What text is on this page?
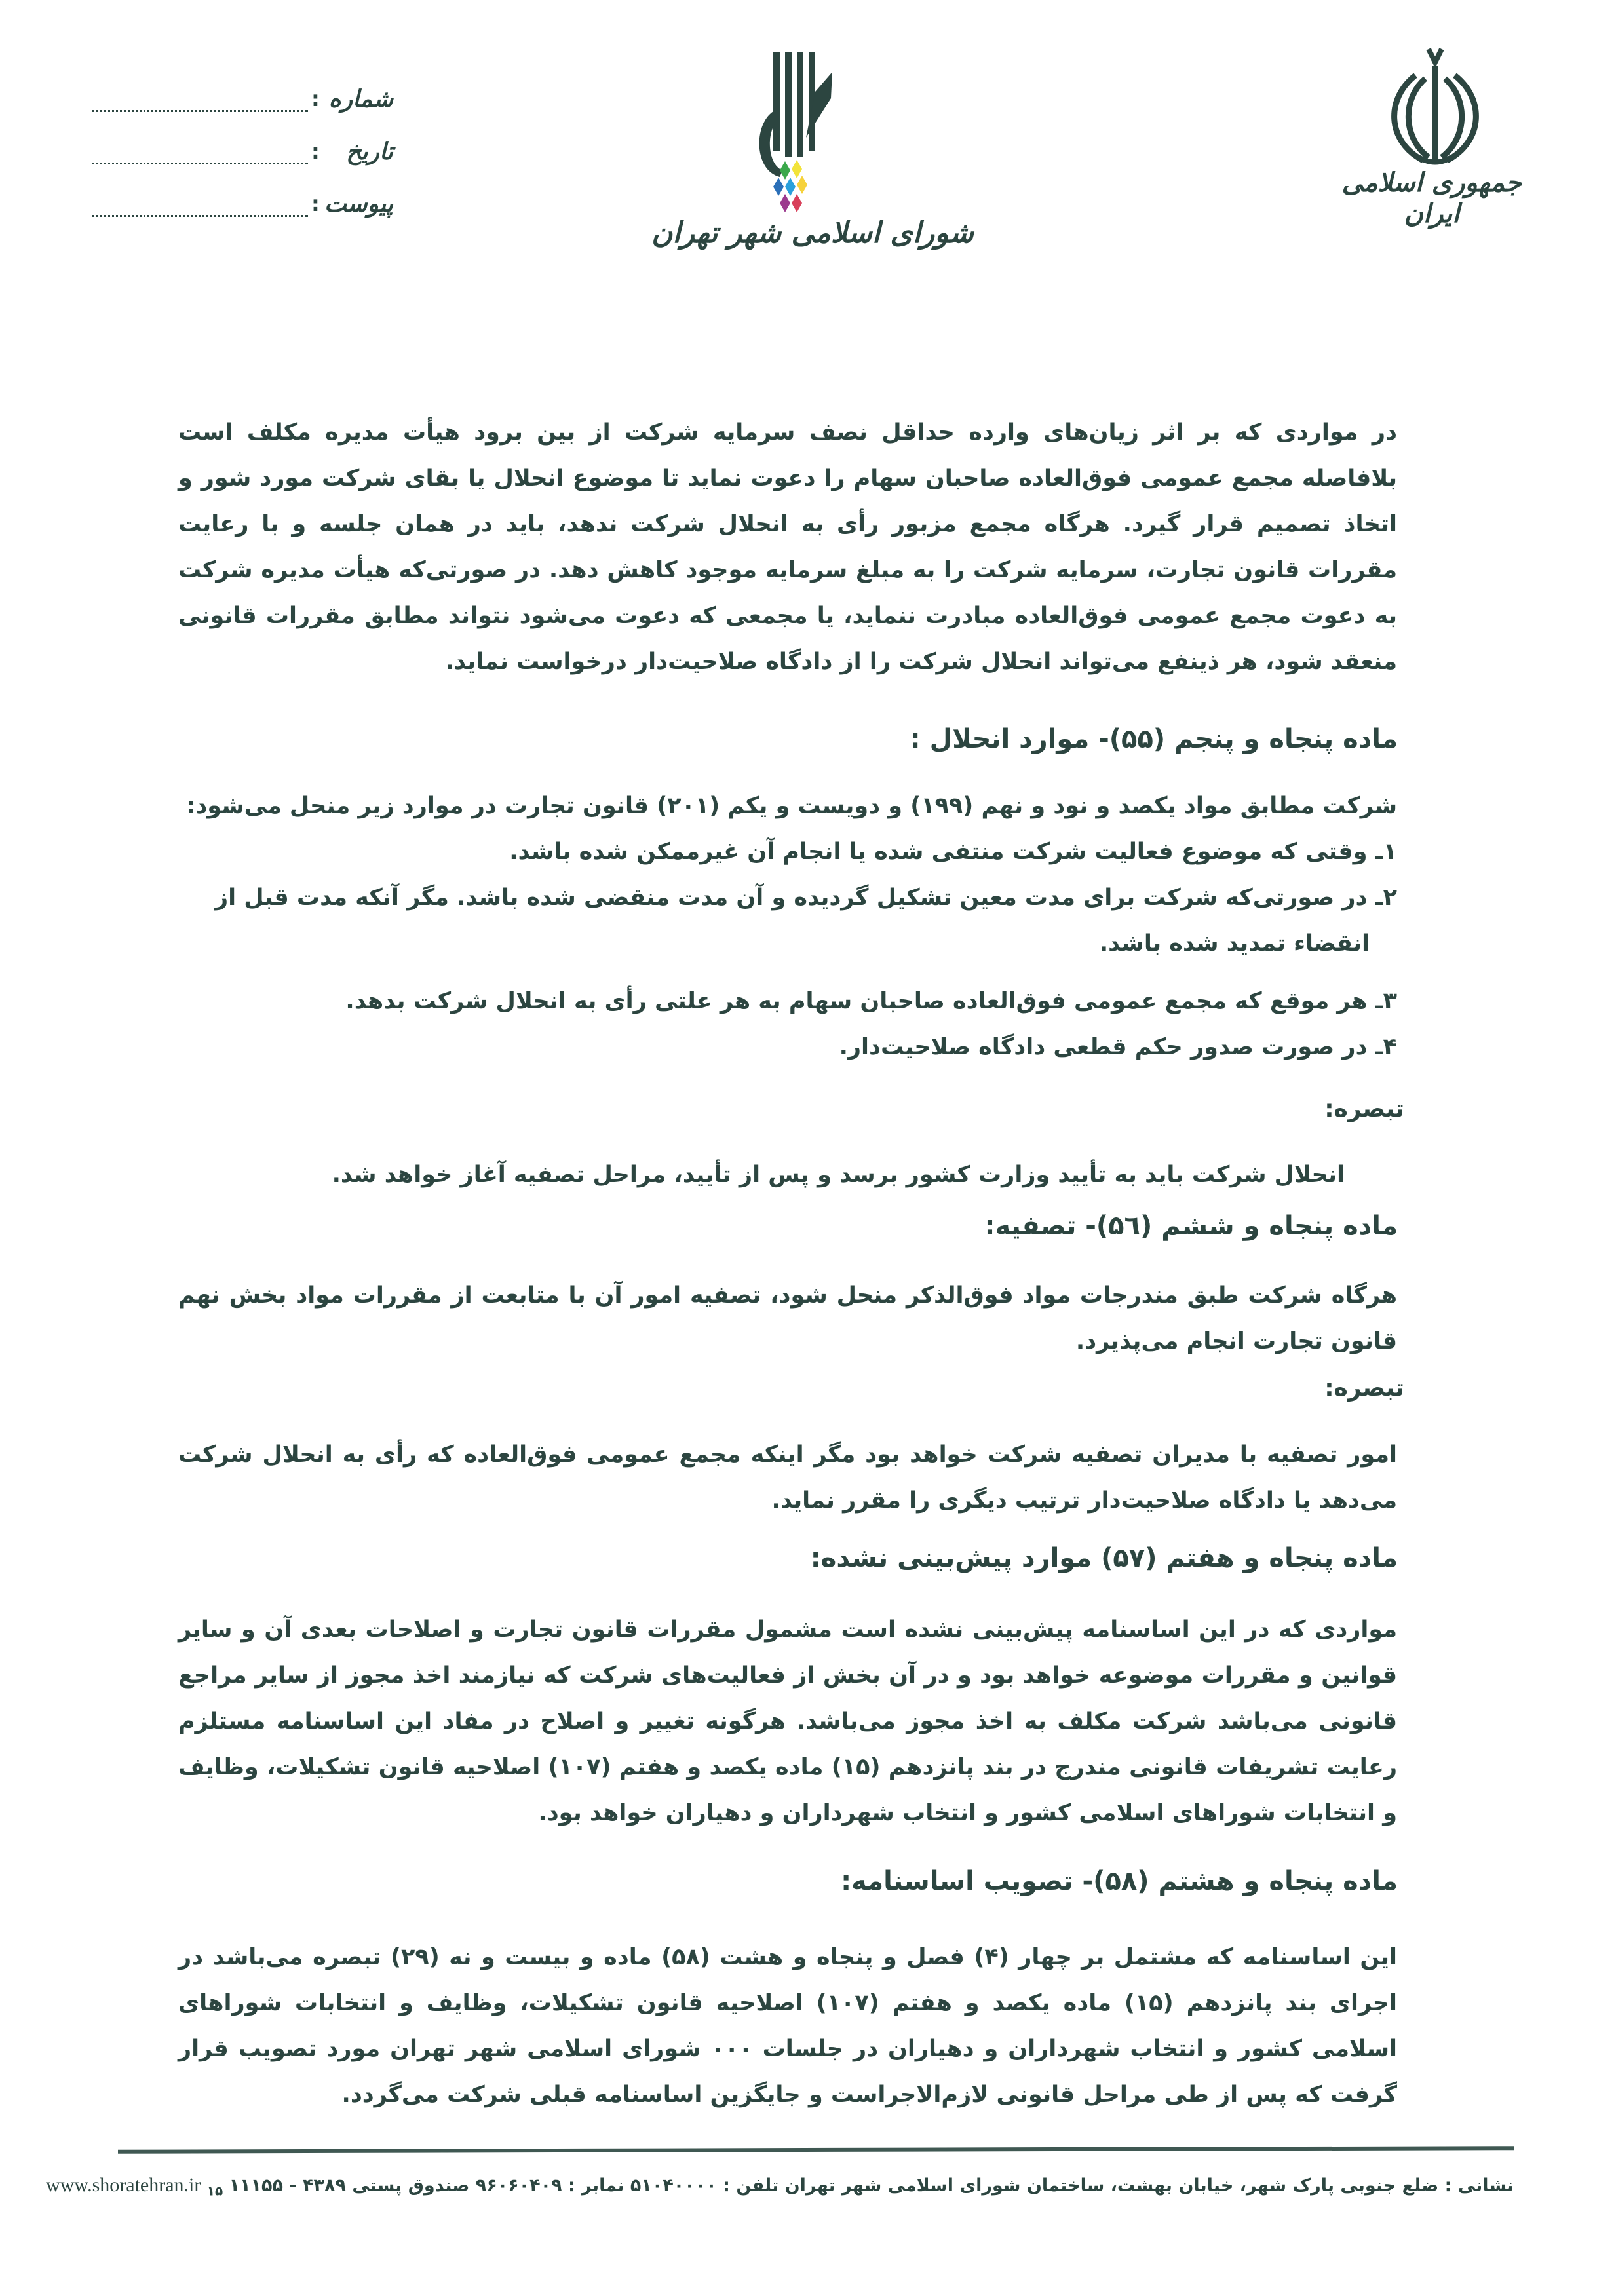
جمهوری اسلامی ایران
شورای اسلامی شهر تهران
شماره
:
تاریخ
:
پیوست
:
در مواردی که بر اثر زیان‌های وارده حداقل نصف سرمایه شرکت از بین برود هیأت مدیره مکلف است بلافاصله مجمع عمومی فوق‌العاده صاحبان سهام را دعوت نماید تا موضوع انحلال یا بقای شرکت مورد شور و اتخاذ تصمیم قرار گیرد. هرگاه مجمع مزبور رأی به انحلال شرکت ندهد، باید در همان جلسه و با رعایت مقررات قانون تجارت، سرمایه شرکت را به مبلغ سرمایه موجود کاهش دهد. در صورتی‌که هیأت مدیره شرکت به دعوت مجمع عمومی فوق‌العاده مبادرت ننماید، یا مجمعی که دعوت می‌شود نتواند مطابق مقررات قانونی منعقد شود، هر ذینفع می‌تواند انحلال شرکت را از دادگاه صلاحیت‌دار درخواست نماید.
ماده پنجاه و پنجم (۵۵)- موارد انحلال :
شرکت مطابق مواد یکصد و نود و نهم (۱۹۹) و دویست و یکم (۲۰۱) قانون تجارت در موارد زیر منحل می‌شود:
۱ـ وقتی که موضوع فعالیت شرکت منتفی شده یا انجام آن غیرممکن شده باشد.
۲ـ در صورتی‌که شرکت برای مدت معین تشکیل گردیده و آن مدت منقضی شده باشد. مگر آنکه مدت قبل از
انقضاء تمدید شده باشد.
۳ـ هر موقع که مجمع عمومی فوق‌العاده صاحبان سهام به هر علتی رأی به انحلال شرکت بدهد.
۴ـ در صورت صدور حکم قطعی دادگاه صلاحیت‌دار.
تبصره:
انحلال شرکت باید به تأیید وزارت کشور برسد و پس از تأیید، مراحل تصفیه آغاز خواهد شد.
ماده پنجاه و ششم (۵٦)- تصفیه:
هرگاه شرکت طبق مندرجات مواد فوق‌الذکر منحل شود، تصفیه امور آن با متابعت از مقررات مواد بخش نهم قانون تجارت انجام می‌پذیرد.
تبصره:
امور تصفیه با مدیران تصفیه شرکت خواهد بود مگر اینکه مجمع عمومی فوق‌العاده که رأی به انحلال شرکت می‌دهد یا دادگاه صلاحیت‌دار ترتیب دیگری را مقرر نماید.
ماده پنجاه و هفتم (۵۷) موارد پیش‌بینی نشده:
مواردی که در این اساسنامه پیش‌بینی نشده است مشمول مقررات قانون تجارت و اصلاحات بعدی آن و سایر قوانین و مقررات موضوعه خواهد بود و در آن بخش از فعالیت‌های شرکت که نیازمند اخذ مجوز از سایر مراجع قانونی می‌باشد شرکت مکلف به اخذ مجوز می‌باشد. هرگونه تغییر و اصلاح در مفاد این اساسنامه مستلزم رعایت تشریفات قانونی مندرج در بند پانزدهم (۱۵) ماده یکصد و هفتم (۱۰۷) اصلاحیه قانون تشکیلات، وظایف و انتخابات شوراهای اسلامی کشور و انتخاب شهرداران و دهیاران خواهد بود.
ماده پنجاه و هشتم (۵۸)- تصویب اساسنامه:
این اساسنامه که مشتمل بر چهار (۴) فصل و پنجاه و هشت (۵۸) ماده و بیست و نه (۲۹) تبصره می‌باشد در اجرای بند پانزدهم (۱۵) ماده یکصد و هفتم (۱۰۷) اصلاحیه قانون تشکیلات، وظایف و انتخابات شوراهای اسلامی کشور و انتخاب شهرداران و دهیاران در جلسات ۰۰۰ شورای اسلامی شهر تهران مورد تصویب قرار گرفت که پس از طی مراحل قانونی لازم‌الاجراست و جایگزین اساسنامه قبلی شرکت می‌گردد.
نشانی : ضلع جنوبی پارک شهر، خیابان بهشت، ساختمان شورای اسلامی شهر تهران تلفن : ۵۱۰۴۰۰۰۰ نمابر : ۹۶۰۶۰۴۰۹ صندوق پستی ۴۳۸۹ - ۱۱۱۵۵ $_{۱۵}$ www.shoratehran.ir
